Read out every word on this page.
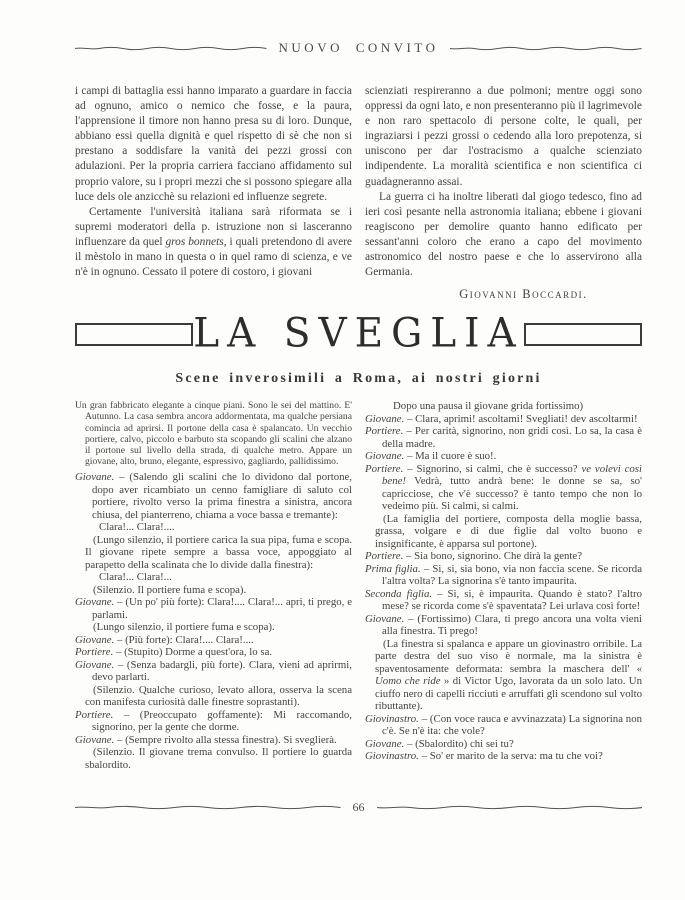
NUOVO CONVITO

i campi di battaglia essi hanno imparato a guardare in faccia ad ognuno, amico o nemico che fosse, e la paura, l'apprensione il timore non hanno presa su di loro. Dunque, abbiano essi quella dignità e quel rispetto di sè che non si prestano a soddisfare la vanità dei pezzi grossi con adulazioni. Per la propria carriera facciano affidamento sul proprio valore, su i propri mezzi che si possono spiegare alla luce dels ole anzicchè su relazioni ed influenze segrete.

Certamente l'università italiana sarà riformata se i supremi moderatori della p. istruzione non si lasceranno influenzare da quel gros bonnets, i quali pretendono di avere il mèstolo in mano in questa o in quel ramo di scienza, e ve n'è in ognuno. Cessato il potere di costoro, i giovani

scienziati respireranno a due polmoni; mentre oggi sono oppressi da ogni lato, e non presenteranno più il lagrimevole e non raro spettacolo di persone colte, le quali, per ingraziarsi i pezzi grossi o cedendo alla loro prepotenza, si uniscono per dar l'ostracismo a qualche scienziato indipendente. La moralità scientifica e non scientifica ci guadagneranno assai.

La guerra ci ha inoltre liberati dal giogo tedesco, fino ad ieri così pesante nella astronomia italiana; ebbene i giovani reagiscono per demolire quanto hanno edificato per sessant'anni coloro che erano a capo del movimento astronomico del nostro paese e che lo asservirono alla Germania.

Giovanni Boccardi.
LA SVEGLIA
Scene inverosimili a Roma, ai nostri giorni

Un gran fabbricato elegante a cinque piani. Sono le sei del mattino. E' Autunno. La casa sembra ancora addormentata, ma qualche persiana comincia ad aprirsi. Il portone della casa è spalancato. Un vecchio portiere, calvo, piccolo e barbuto sta scopando gli scalini che alzano il portone sul livello della strada, di qualche metro. Appare un giovane, alto, bruno, elegante, espressivo, gagliardo, pallidissimo.

Giovane. – (Salendo gli scalini che lo dividono dal portone, dopo aver ricambiato un cenno famigliare di saluto col portiere, rivolto verso la prima finestra a sinistra, ancora chiusa, del pianterreno, chiama a voce bassa e tremante):

Clara!... Clara!....

(Lungo silenzio, il portiere carica la sua pipa, fuma e scopa. Il giovane ripete sempre a bassa voce, appoggiato al parapetto della scalinata che lo divide dalla finestra):

Clara!... Clara!...

(Silenzio. Il portiere fuma e scopa).

Giovane. – (Un po' più forte): Clara!.... Clara!... apri, ti prego, e parlami.

(Lungo silenzio, il portiere fuma e scopa).

Giovane. – (Più forte): Clara!.... Clara!....

Portiere. – (Stupito) Dorme a quest'ora, lo sa.

Giovane. – (Senza badargli, più forte). Clara, vieni ad aprirmi, devo parlarti.

(Silenzio. Qualche curioso, levato allora, osserva la scena con manifesta curiosità dalle finestre soprastanti).

Portiere. – (Preoccupato goffamente): Mi raccomando, signorino, per la gente che dorme.

Giovane. – (Sempre rivolto alla stessa finestra). Si sveglierà.

(Silenzio. Il giovane trema convulso. Il portiere lo guarda sbalordito.

Dopo una pausa il giovane grida fortissimo)

Giovane. – Clara, aprimi! ascoltami! Svegliati! dev ascoltarmi!

Portiere. – Per carità, signorino, non gridi così. Lo sa, la casa è della madre.

Giovane. – Ma il cuore è suo!.

Portiere. – Signorino, si calmi, che è successo? ve volevi così bene! Vedrà, tutto andrà bene: le donne se sa, so' capricciose, che v'è successo? è tanto tempo che non lo vedeimo più. Si calmi, si calmi.

(La famiglia del portiere, composta della moglie bassa, grassa, volgare e di due figlie dal volto buono e insignificante, è apparsa sul portone).

Portiere. – Sia bono, signorino. Che dirà la gente?

Prima figlia. – Si, si, sia bono, via non faccia scene. Se ricorda l'altra volta? La signorina s'è tanto impaurita.

Seconda figlia. – Si, si, è impaurita. Quando è stato? l'altro mese? se ricorda come s'è spaventata? Lei urlava così forte!

Giovane. – (Fortissimo) Clara, ti prego ancora una volta vieni alla finestra. Ti prego!

(La finestra si spalanca e appare un giovinastro orribile. La parte destra del suo viso è normale, ma la sinistra è spaventosamente deformata: sembra la maschera dell' « Uomo che ride » di Victor Ugo, lavorata da un solo lato. Un ciuffo nero di capelli ricciuti e arruffati gli scendono sul volto ributtante).

Giovinastro. – (Con voce rauca e avvinazzata) La signorina non c'è. Se n'è ita: che vole?

Giovane. – (Sbalordito) chi sei tu?

Giovinastro. – So' er marito de la serva: ma tu che voi?

66
